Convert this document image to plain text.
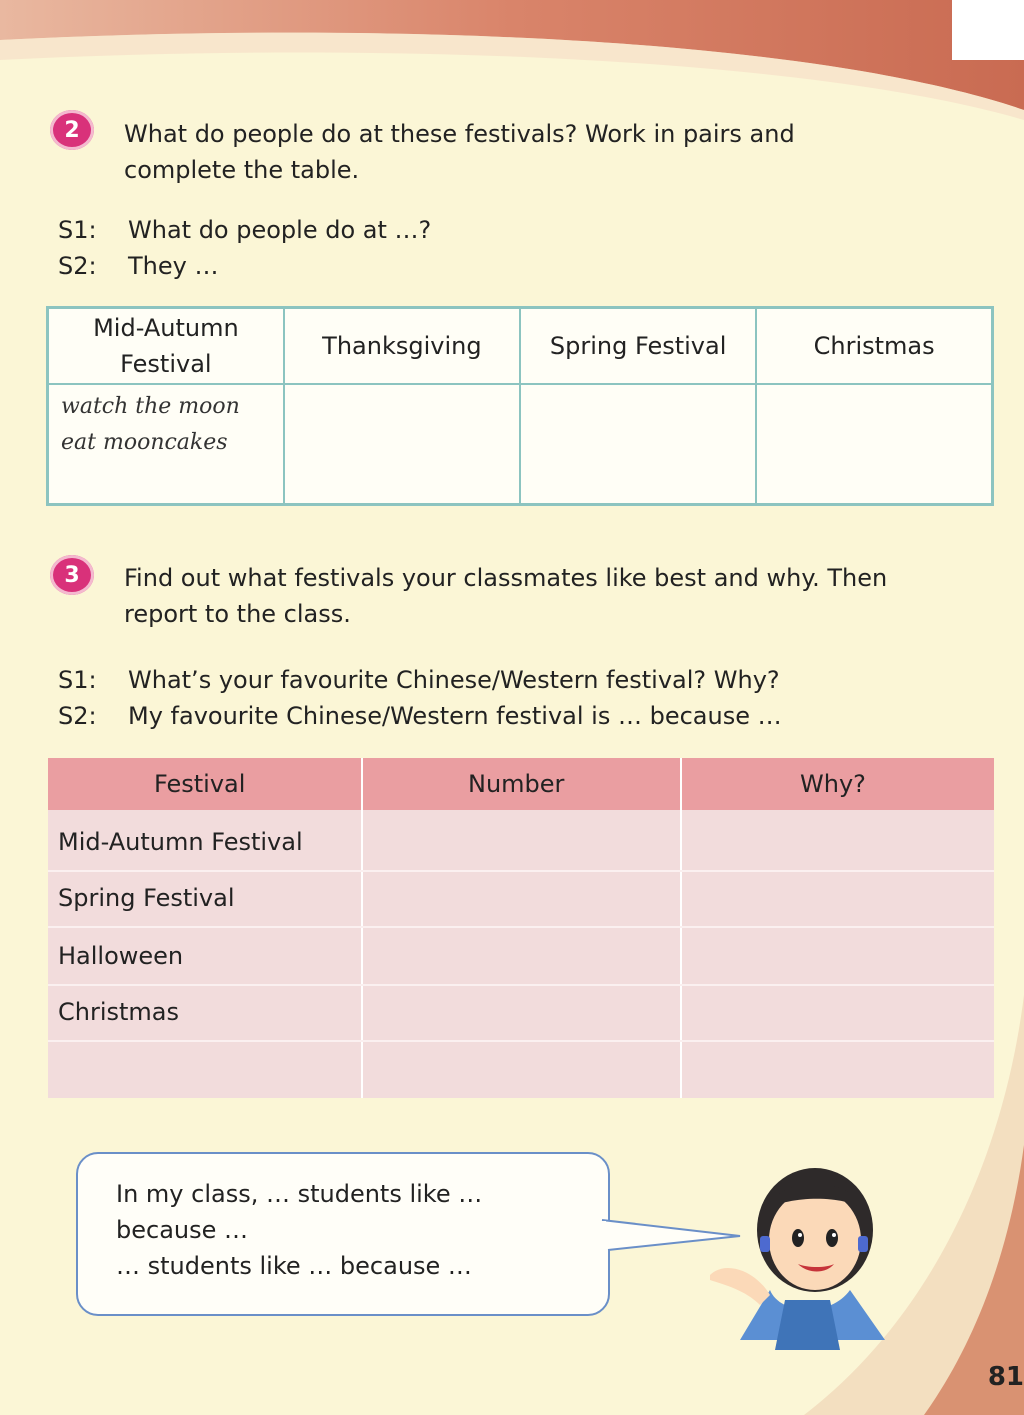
2	What do people do at these festivals? Work in pairs and
complete the table.
S1: What do people do at …?
S2: They …
Mid-Autumn Festival	Thanksgiving	Spring Festival	Christmas

watch the moon
eat mooncakes			

3	Find out what festivals your classmates like best and why. Then
report to the class.
S1: What’s your favourite Chinese/Western festival? Why?
S2: My favourite Chinese/Western festival is … because …
Festival	Number	Why?
Mid-Autumn Festival
Spring Festival
Halloween
Christmas
In my class, … students like …
because …
… students like … because …
81
